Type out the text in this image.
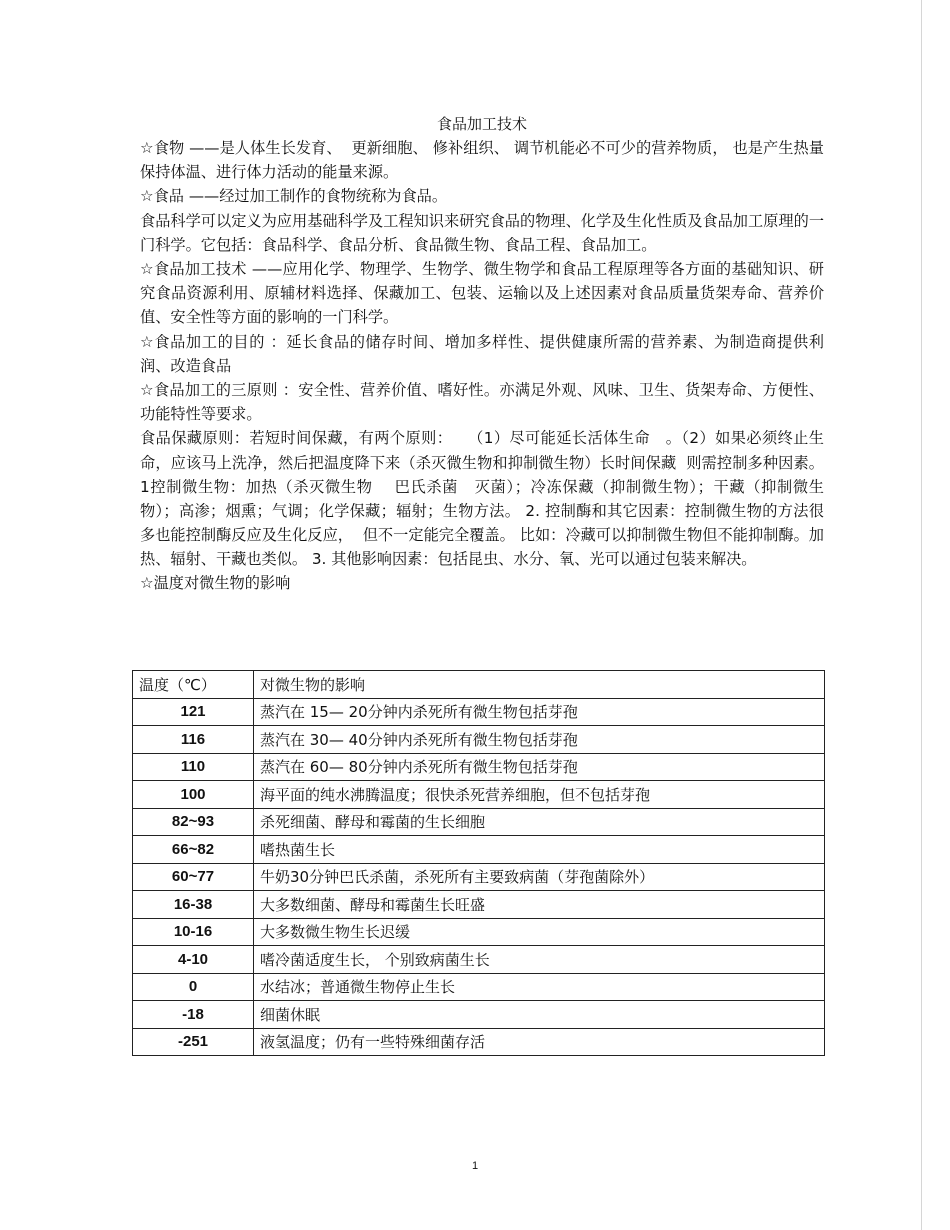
食品加工技术

☆食物 ——是人体生长发育、  更新细胞、 修补组织、 调节机能必不可少的营养物质， 也是产生热量保持体温、进行体力活动的能量来源。

☆食品 ——经过加工制作的食物统称为食品。

食品科学可以定义为应用基础科学及工程知识来研究食品的物理、化学及生化性质及食品加工原理的一门科学。它包括：食品科学、食品分析、食品微生物、食品工程、食品加工。

☆食品加工技术 ——应用化学、物理学、生物学、微生物学和食品工程原理等各方面的基础知识、研究食品资源利用、原辅材料选择、保藏加工、包装、运输以及上述因素对食品质量货架寿命、营养价值、安全性等方面的影响的一门科学。

☆食品加工的目的 ：延长食品的储存时间、增加多样性、提供健康所需的营养素、为制造商提供利润、改造食品

☆食品加工的三原则 ：安全性、营养价值、嗜好性。亦满足外观、风味、卫生、货架寿命、方便性、功能特性等要求。

食品保藏原则：若短时间保藏，有两个原则：   （1）尽可能延长活体生命   。（2）如果必须终止生命，应该马上洗净，然后把温度降下来（杀灭微生物和抑制微生物）长时间保藏  则需控制多种因素。 1控制微生物：加热（杀灭微生物    巴氏杀菌   灭菌）；冷冻保藏（抑制微生物）；干藏（抑制微生物）；高渗；烟熏；气调；化学保藏；辐射；生物方法。 2. 控制酶和其它因素：控制微生物的方法很多也能控制酶反应及生化反应，  但不一定能完全覆盖。 比如：冷藏可以抑制微生物但不能抑制酶。加热、辐射、干藏也类似。 3. 其他影响因素：包括昆虫、水分、氧、光可以通过包装来解决。

☆温度对微生物的影响

温度（℃）	对微生物的影响
121	蒸汽在 15— 20分钟内杀死所有微生物包括芽孢
116	蒸汽在 30— 40分钟内杀死所有微生物包括芽孢
110	蒸汽在 60— 80分钟内杀死所有微生物包括芽孢
100	海平面的纯水沸腾温度；很快杀死营养细胞，但不包括芽孢
82~93	杀死细菌、酵母和霉菌的生长细胞
66~82	嗜热菌生长
60~77	牛奶30分钟巴氏杀菌，杀死所有主要致病菌（芽孢菌除外）
16-38	大多数细菌、酵母和霉菌生长旺盛
10-16	大多数微生物生长迟缓
4-10	嗜冷菌适度生长， 个别致病菌生长
0	水结冰；普通微生物停止生长
-18	细菌休眠
-251	液氢温度；仍有一些特殊细菌存活
1
